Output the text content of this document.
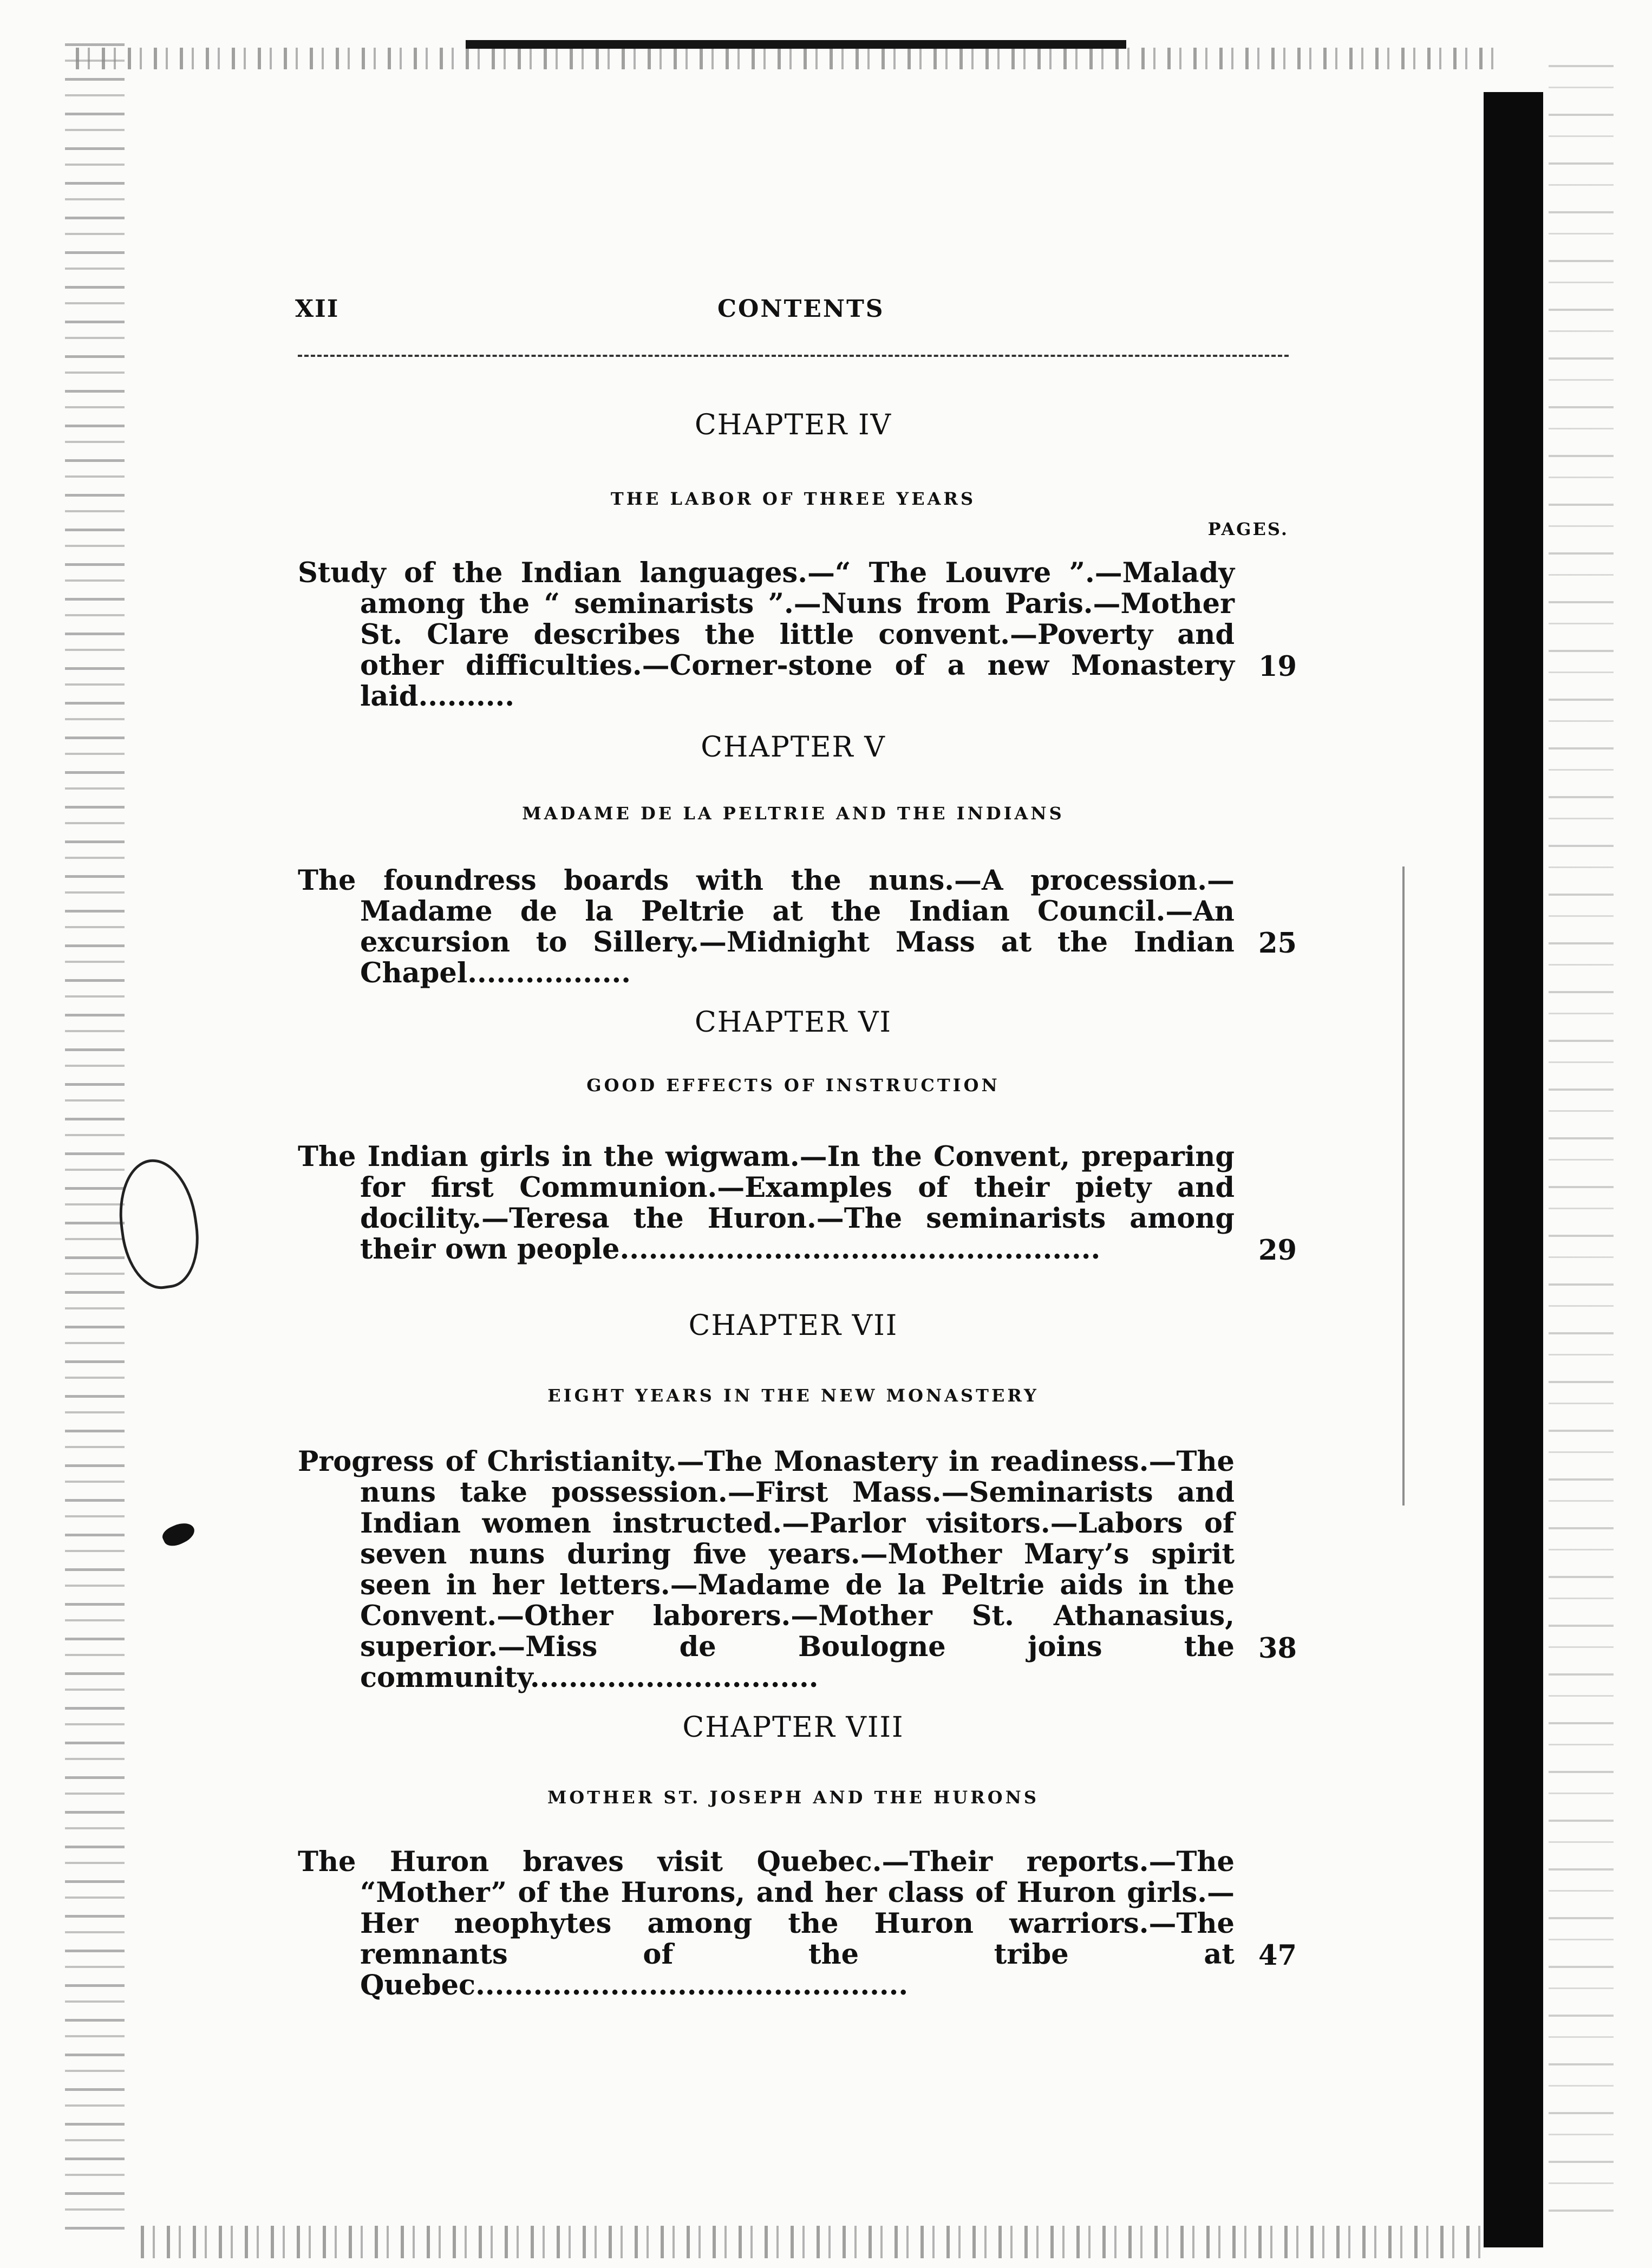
XII	CONTENTS
CHAPTER IV
THE LABOR OF THREE YEARS
PAGES.
Study of the Indian languages.—“ The Louvre ”.—Malady among the “ seminarists ”.—Nuns from Paris.—Mother St. Clare describes the little convent.—Poverty and other difficulties.—Corner-stone of a new Monastery laid..........
19
CHAPTER V
MADAME DE LA PELTRIE AND THE INDIANS
The foundress boards with the nuns.—A procession.—Madame de la Peltrie at the Indian Council.—An excursion to Sillery.—Midnight Mass at the Indian Chapel.................
25
CHAPTER VI
GOOD EFFECTS OF INSTRUCTION
The Indian girls in the wigwam.—In the Convent, preparing for first Communion.—Examples of their piety and docility.—Teresa the Huron.—The seminarists among their own people..................................................	29
CHAPTER VII
EIGHT YEARS IN THE NEW MONASTERY
Progress of Christianity.—The Monastery in readiness.—The nuns take possession.—First Mass.—Seminarists and Indian women instructed.—Parlor visitors.—Labors of seven nuns during five years.—Mother Mary’s spirit seen in her letters.—Madame de la Peltrie aids in the Convent.—Other laborers.—Mother St. Athanasius, superior.—Miss de Boulogne joins the community..............................
38
CHAPTER VIII
MOTHER ST. JOSEPH AND THE HURONS
The Huron braves visit Quebec.—Their reports.—The “Mother” of the Hurons, and her class of Huron girls.—Her neophytes among the Huron warriors.—The remnants of the tribe at Quebec.............................................
47
